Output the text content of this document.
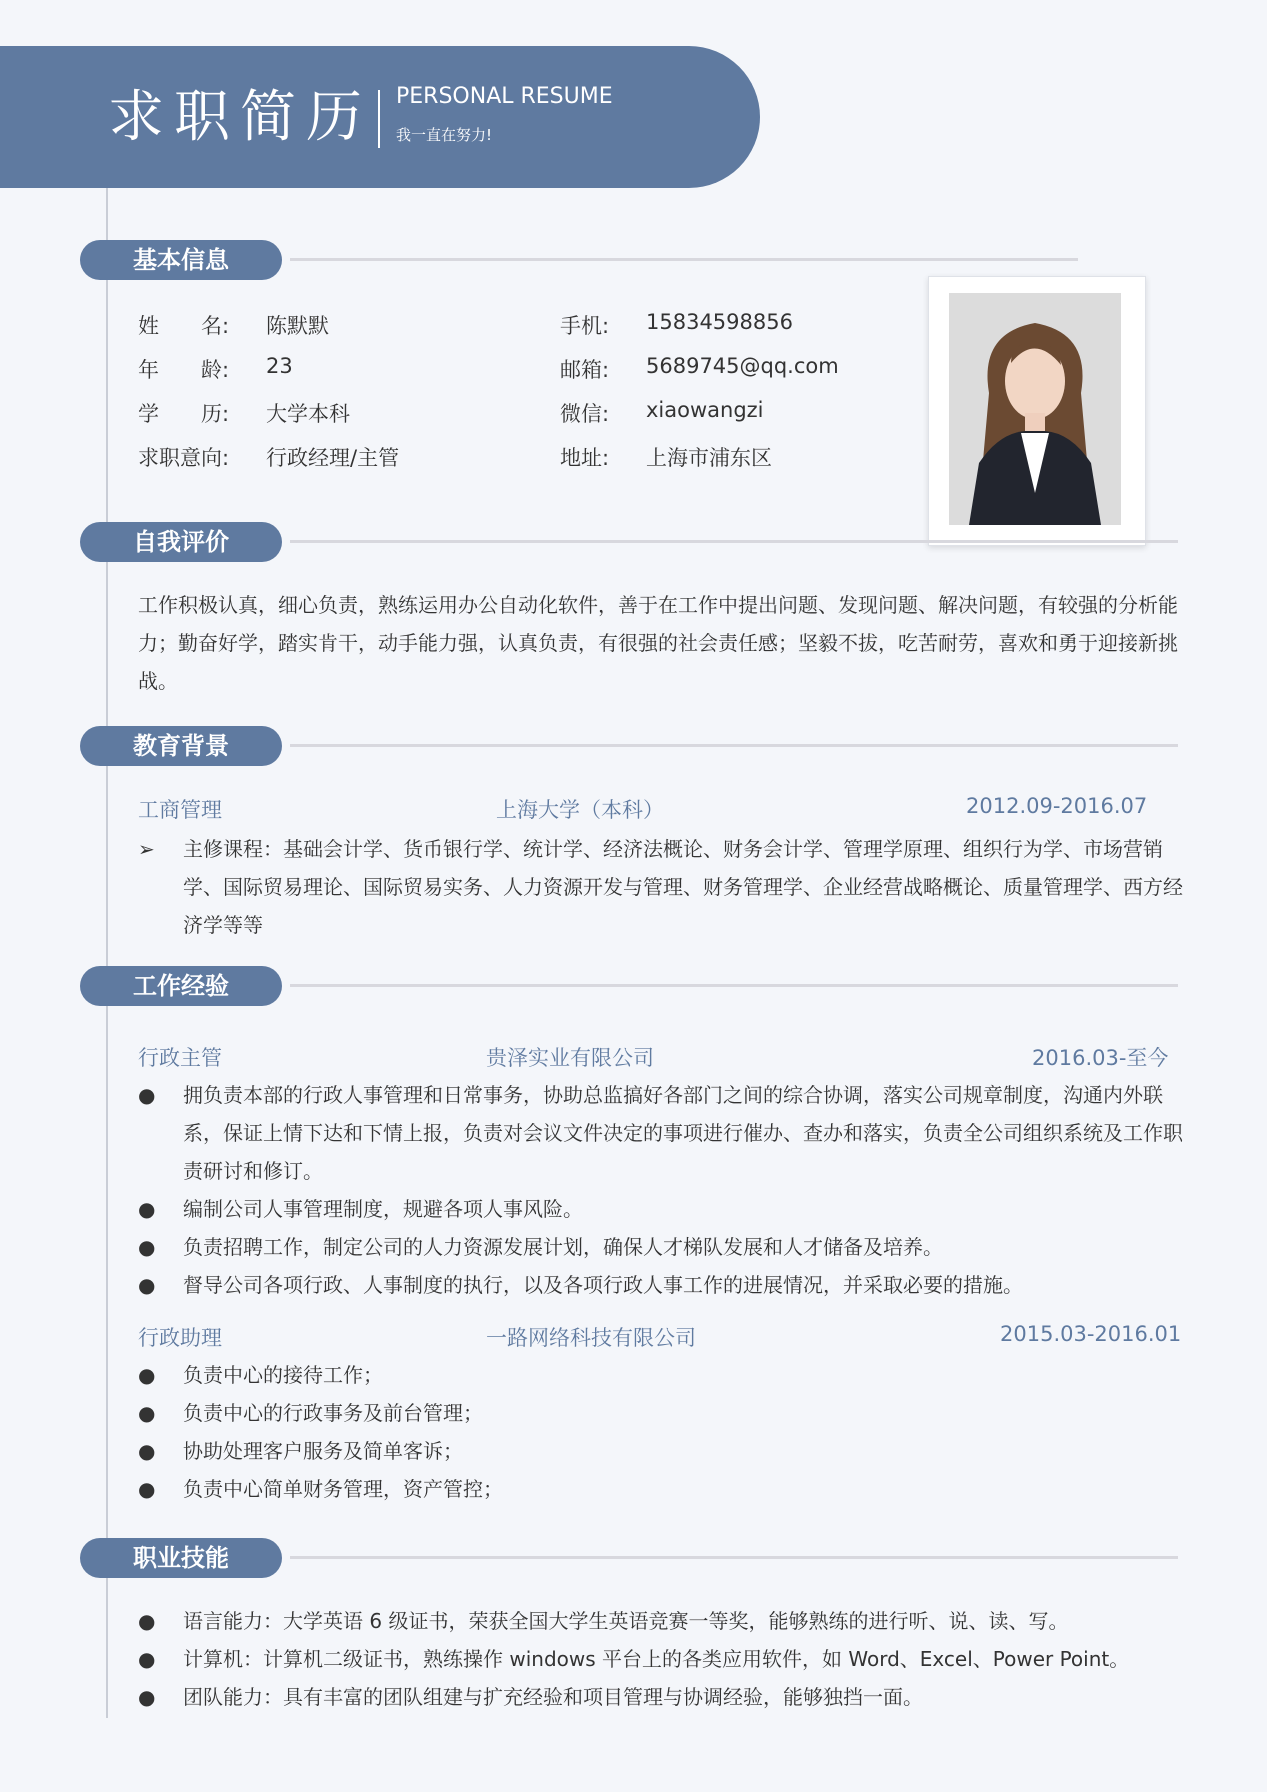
求职简历 PERSONAL RESUME
我一直在努力!
基本信息
姓　　名: 陈默默
年　　龄: 23
学　　历: 大学本科
求职意向: 行政经理/主管
手机: 15834598856
邮箱: 5689745@qq.com
微信: xiaowangzi
地址: 上海市浦东区
自我评价
工作积极认真，细心负责，熟练运用办公自动化软件，善于在工作中提出问题、发现问题、解决问题，有较强的分析能力；勤奋好学，踏实肯干，动手能力强，认真负责，有很强的社会责任感；坚毅不拔，吃苦耐劳，喜欢和勇于迎接新挑战。
教育背景
工商管理	上海大学（本科）	2012.09-2016.07
➢	主修课程：基础会计学、货币银行学、统计学、经济法概论、财务会计学、管理学原理、组织行为学、市场营销学、国际贸易理论、国际贸易实务、人力资源开发与管理、财务管理学、企业经营战略概论、质量管理学、西方经济学等等
工作经验
行政主管	贵泽实业有限公司	2016.03-至今
●	拥负责本部的行政人事管理和日常事务，协助总监搞好各部门之间的综合协调，落实公司规章制度，沟通内外联系，保证上情下达和下情上报，负责对会议文件决定的事项进行催办、查办和落实，负责全公司组织系统及工作职责研讨和修订。
●	编制公司人事管理制度，规避各项人事风险。
●	负责招聘工作，制定公司的人力资源发展计划，确保人才梯队发展和人才储备及培养。
●	督导公司各项行政、人事制度的执行，以及各项行政人事工作的进展情况，并采取必要的措施。
行政助理	一路网络科技有限公司	2015.03-2016.01
●	负责中心的接待工作；
●	负责中心的行政事务及前台管理；
●	协助处理客户服务及简单客诉；
●	负责中心简单财务管理，资产管控；
职业技能
●	语言能力：大学英语 6 级证书，荣获全国大学生英语竞赛一等奖，能够熟练的进行听、说、读、写。
●	计算机：计算机二级证书，熟练操作 windows 平台上的各类应用软件，如 Word、Excel、Power Point。
●	团队能力：具有丰富的团队组建与扩充经验和项目管理与协调经验，能够独挡一面。
